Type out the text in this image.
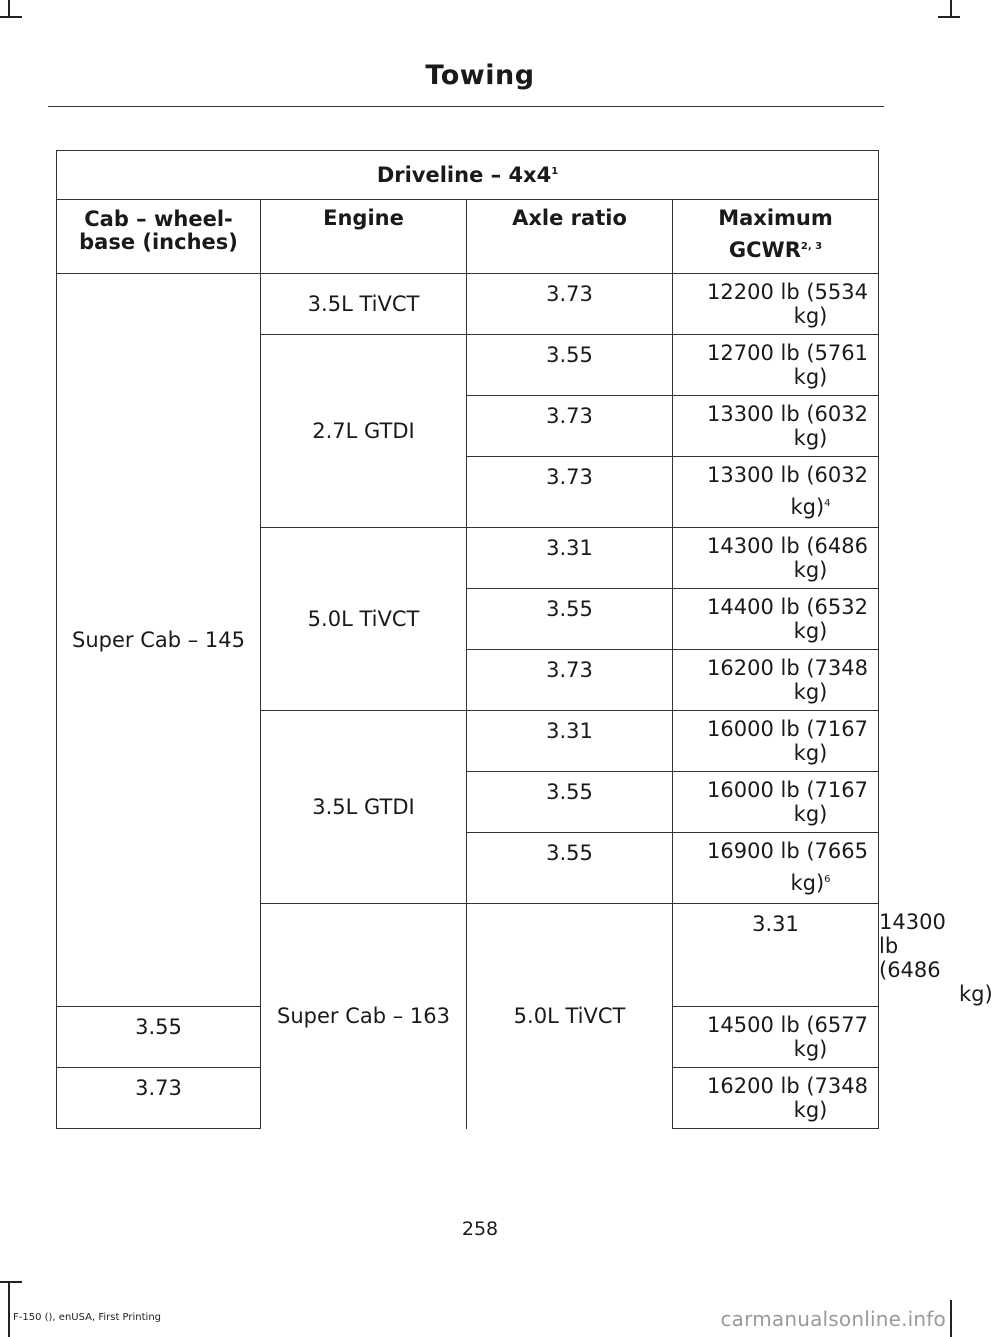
Towing
Driveline – $4x4^1$

Cab – wheel-base (inches)	Engine	Axle ratio	Maximum
GCWR$^{2, 3}$

Super Cab – 145	3.5L TiVCT	3.73	12200 lb (5534
kg)	

	2.7L GTDI	3.55	12700 lb (5761
kg)	

		3.73	13300 lb (6032
kg)	

		3.73	13300 lb (6032
kg)$^4$

	5.0L TiVCT	3.31	14300 lb (6486
kg)	

		3.55	14400 lb (6532
kg)	

		3.73	16200 lb (7348
kg)	

	3.5L GTDI	3.31	16000 lb (7167
kg)	

		3.55	16000 lb (7167
kg)	

		3.55	16900 lb (7665
kg)$^6$

	Super Cab – 163	5.0L TiVCT	3.31	14300 lb (6486
kg)

3.55			14500 lb (6577
kg)	

3.73			16200 lb (7348
kg)	
258
F-150 (), enUSA, First Printing	carmanualsonline.info
